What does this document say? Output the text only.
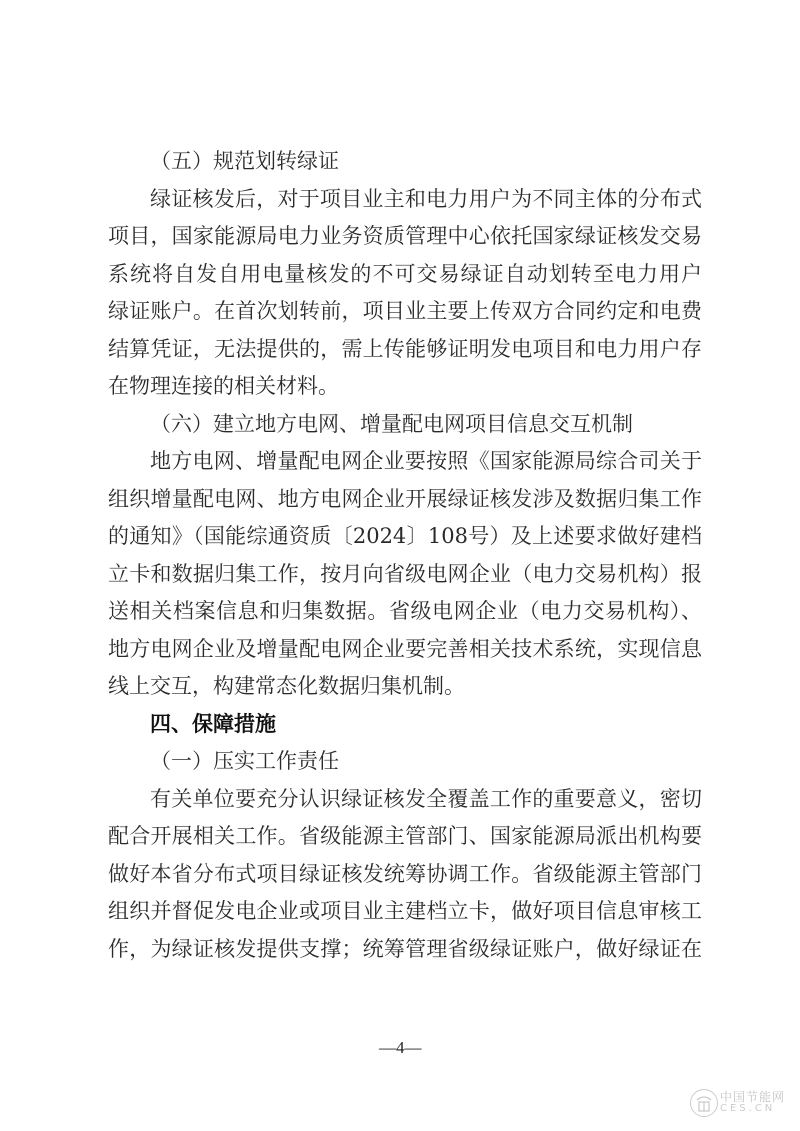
（五）规范划转绿证
绿证核发后，对于项目业主和电力用户为不同主体的分布式
项目，国家能源局电力业务资质管理中心依托国家绿证核发交易
系统将自发自用电量核发的不可交易绿证自动划转至电力用户
绿证账户。在首次划转前，项目业主要上传双方合同约定和电费
结算凭证，无法提供的，需上传能够证明发电项目和电力用户存
在物理连接的相关材料。
（六）建立地方电网、增量配电网项目信息交互机制
地方电网、增量配电网企业要按照《国家能源局综合司关于
组织增量配电网、地方电网企业开展绿证核发涉及数据归集工作
的通知》（国能综通资质〔2024〕108号）及上述要求做好建档
立卡和数据归集工作，按月向省级电网企业（电力交易机构）报
送相关档案信息和归集数据。省级电网企业（电力交易机构）、
地方电网企业及增量配电网企业要完善相关技术系统，实现信息
线上交互，构建常态化数据归集机制。
四、保障措施
（一）压实工作责任
有关单位要充分认识绿证核发全覆盖工作的重要意义，密切
配合开展相关工作。省级能源主管部门、国家能源局派出机构要
做好本省分布式项目绿证核发统筹协调工作。省级能源主管部门
组织并督促发电企业或项目业主建档立卡，做好项目信息审核工
作，为绿证核发提供支撑；统筹管理省级绿证账户，做好绿证在
—4—
中国节能网
CES.CN
